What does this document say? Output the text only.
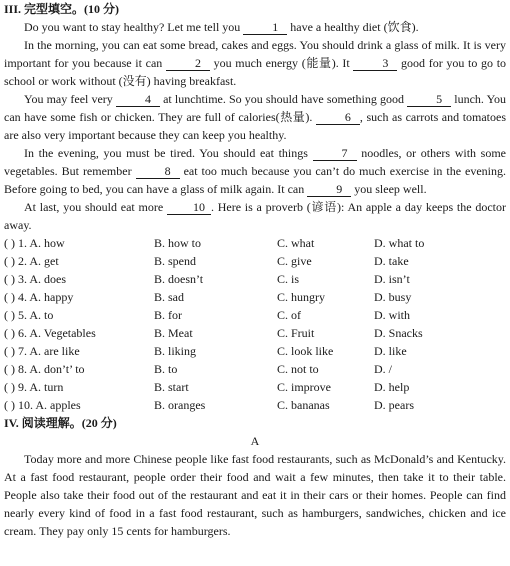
III. 完型填空。(10 分)

Do you want to stay healthy? Let me tell you	1 have a healthy diet (饮食).

In the morning, you can eat some bread, cakes and eggs. You should drink a glass of milk. It is very important for you because it can	2 you much energy (能量). It	3 good for you to go to school or work without (没有) having breakfast.

You may feel very	4 at lunchtime. So you should have something good	5 lunch. You can have some fish or chicken. They are full of calories(热量).	6 , such as carrots and tomatoes are also very important because they can keep you healthy.

In the evening, you must be tired. You should eat things	7 noodles, or others with some vegetables. But remember	8 eat too much because you can’t do much exercise in the evening. Before going to bed, you can have a glass of milk again. It can	9 you sleep well.

At last, you should eat more 10 . Here is a proverb (谚语): An apple a day keeps the doctor away.

( ) 1. A. how	B. how to	C. what	D. what to
( ) 2. A. get	B. spend	C. give	D. take
( ) 3. A. does	B. doesn’t	C. is	D. isn’t
( ) 4. A. happy	B. sad	C. hungry	D. busy
( ) 5. A. to	B. for	C. of	D. with
( ) 6. A. Vegetables	B. Meat	C. Fruit	D. Snacks
( ) 7. A. are like	B. liking	C. look like	D. like
( ) 8. A. don’t’ to	B. to	C. not to	D. /
( ) 9. A. turn	B. start	C. improve	D. help
( ) 10. A. apples	B. oranges	C. bananas	D. pears
IV. 阅读理解。(20 分)
A

Today more and more Chinese people like fast food restaurants, such as McDonald’s and Kentucky. At a fast food restaurant, people order their food and wait a few minutes, then take it to their table. People also take their food out of the restaurant and eat it in their cars or their homes. People can find nearly every kind of food in a fast food restaurant, such as hamburgers, sandwiches, chicken and ice cream. They pay only 15 cents for hamburgers.
